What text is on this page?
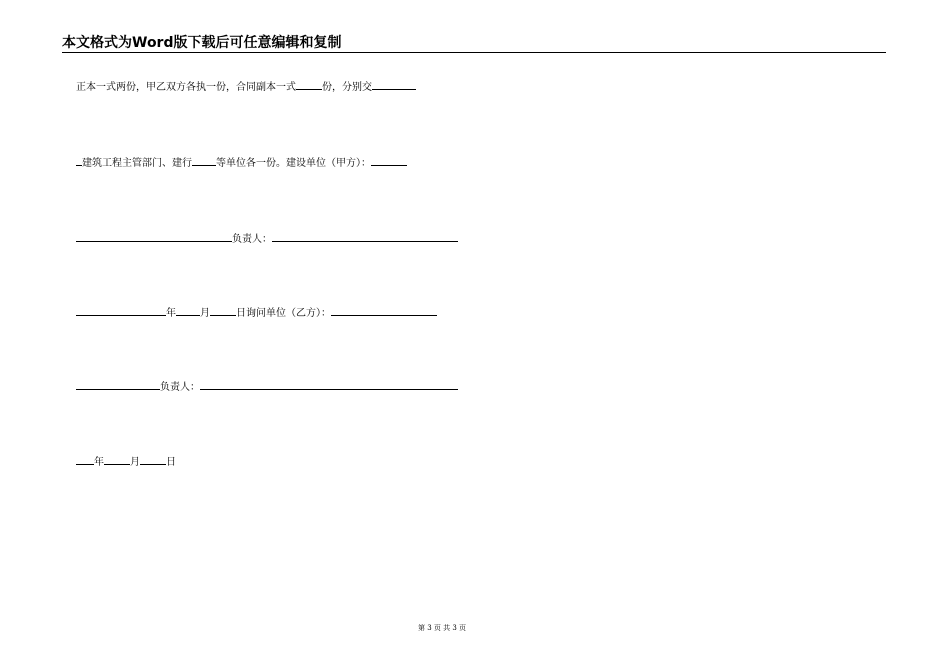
本文格式为Word版下载后可任意编辑和复制
正本一式两份，甲乙双方各执一份，合同副本一式	份，分别交
建筑工程主管部门、建行 等单位各一份。建设单位（甲方）：
负责人：
年 月	日询问单位（乙方）：
负责人：
年	月	日
第 3 页 共 3 页
